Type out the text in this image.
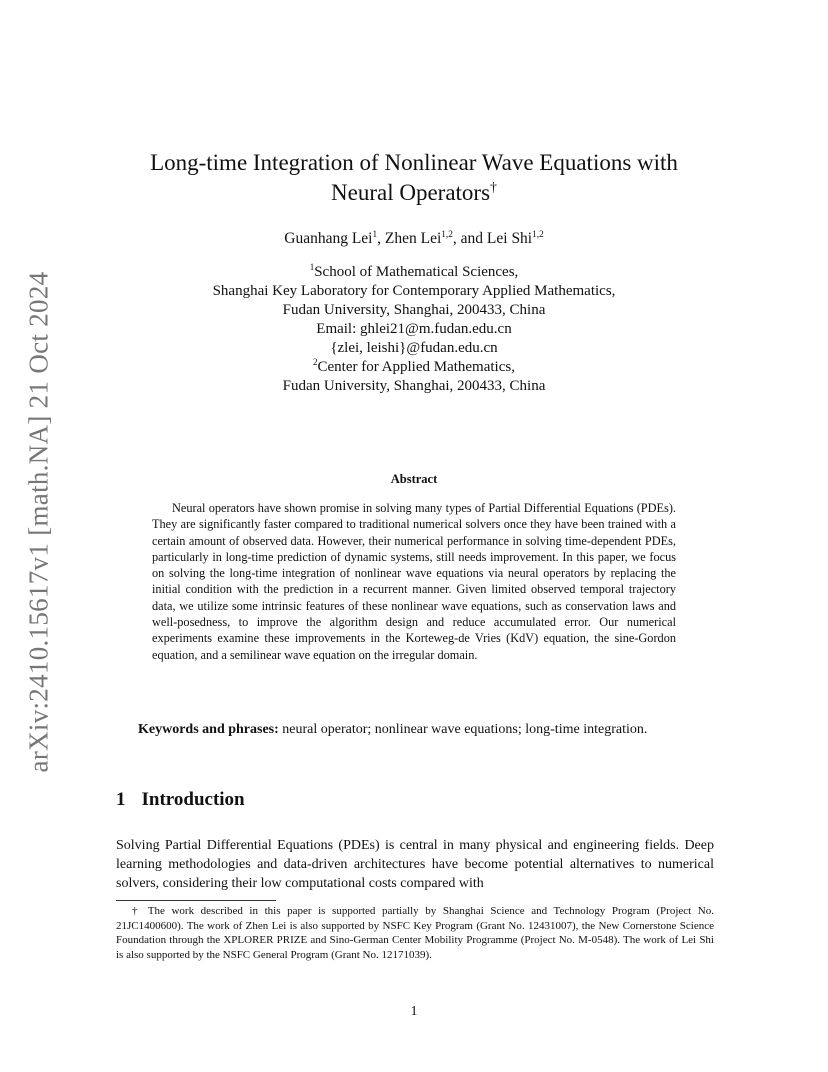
arXiv:2410.15617v1 [math.NA] 21 Oct 2024
Long-time Integration of Nonlinear Wave Equations with
Neural Operators†
Guanhang Lei$^1$, Zhen Lei$^{1,2}$, and Lei Shi$^{1,2}$
$^1$School of Mathematical Sciences,
Shanghai Key Laboratory for Contemporary Applied Mathematics,
Fudan University, Shanghai, 200433, China
Email: ghlei21@m.fudan.edu.cn
{zlei, leishi}@fudan.edu.cn
$^2$Center for Applied Mathematics,
Fudan University, Shanghai, 200433, China
Abstract
Neural operators have shown promise in solving many types of Partial Differential Equations (PDEs). They are significantly faster compared to traditional numerical solvers once they have been trained with a certain amount of observed data. However, their numerical performance in solving time-dependent PDEs, particularly in long-time prediction of dynamic systems, still needs improvement. In this paper, we focus on solving the long-time integration of nonlinear wave equations via neural operators by replacing the initial condition with the prediction in a recurrent manner. Given limited observed temporal trajectory data, we utilize some intrinsic features of these nonlinear wave equations, such as conservation laws and well-posedness, to improve the algorithm design and reduce accumulated error. Our numerical experiments examine these improvements in the Korteweg-de Vries (KdV) equation, the sine-Gordon equation, and a semilinear wave equation on the irregular domain.
Keywords and phrases: neural operator; nonlinear wave equations; long-time integration.
1 Introduction
Solving Partial Differential Equations (PDEs) is central in many physical and engineering fields. Deep learning methodologies and data-driven architectures have become potential alternatives to numerical solvers, considering their low computational costs compared with
† The work described in this paper is supported partially by Shanghai Science and Technology Program (Project No. 21JC1400600). The work of Zhen Lei is also supported by NSFC Key Program (Grant No. 12431007), the New Cornerstone Science Foundation through the XPLORER PRIZE and Sino-German Center Mobility Programme (Project No. M-0548). The work of Lei Shi is also supported by the NSFC General Program (Grant No. 12171039).
1
